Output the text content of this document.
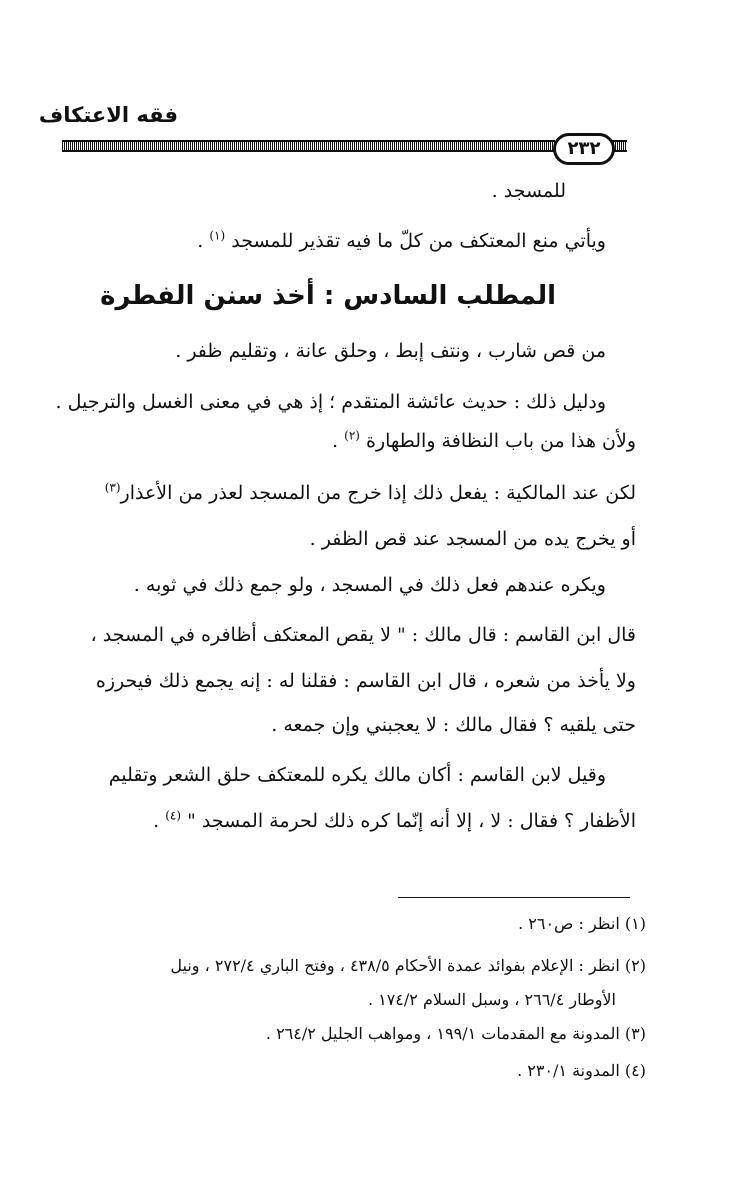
فقه الاعتكاف
٢٣٢
للمسجد .
ويأتي منع المعتكف من كلّ ما فيه تقذير للمسجد $^{(١)}$ .
المطلب السادس : أخذ سنن الفطرة
من قص شارب ، ونتف إبط ، وحلق عانة ، وتقليم ظفر .
ودليل ذلك : حديث عائشة المتقدم ؛ إذ هي في معنى الغسل والترجيل .
ولأن هذا من باب النظافة والطهارة $^{(٢)}$ .
لكن عند المالكية : يفعل ذلك إذا خرج من المسجد لعذر من الأعذار$^{(٣)}$
أو يخرج يده من المسجد عند قص الظفر .
ويكره عندهم فعل ذلك في المسجد ، ولو جمع ذلك في ثوبه .
قال ابن القاسم : قال مالك : " لا يقص المعتكف أظافره في المسجد ،
ولا يأخذ من شعره ، قال ابن القاسم : فقلنا له : إنه يجمع ذلك فيحرزه
حتى يلقيه ؟ فقال مالك : لا يعجبني وإن جمعه .
وقيل لابن القاسم : أكان مالك يكره للمعتكف حلق الشعر وتقليم
الأظفار ؟ فقال : لا ، إلا أنه إنّما كره ذلك لحرمة المسجد " $^{(٤)}$ .
(١) انظر : ص٢٦٠ .
(٢) انظر : الإعلام بفوائد عمدة الأحكام ٤٣٨/٥ ، وفتح الباري ٢٧٢/٤ ، ونيل
الأوطار ٢٦٦/٤ ، وسبل السلام ١٧٤/٢ .
(٣) المدونة مع المقدمات ١٩٩/١ ، ومواهب الجليل ٢٦٤/٢ .
(٤) المدونة ٢٣٠/١ .
